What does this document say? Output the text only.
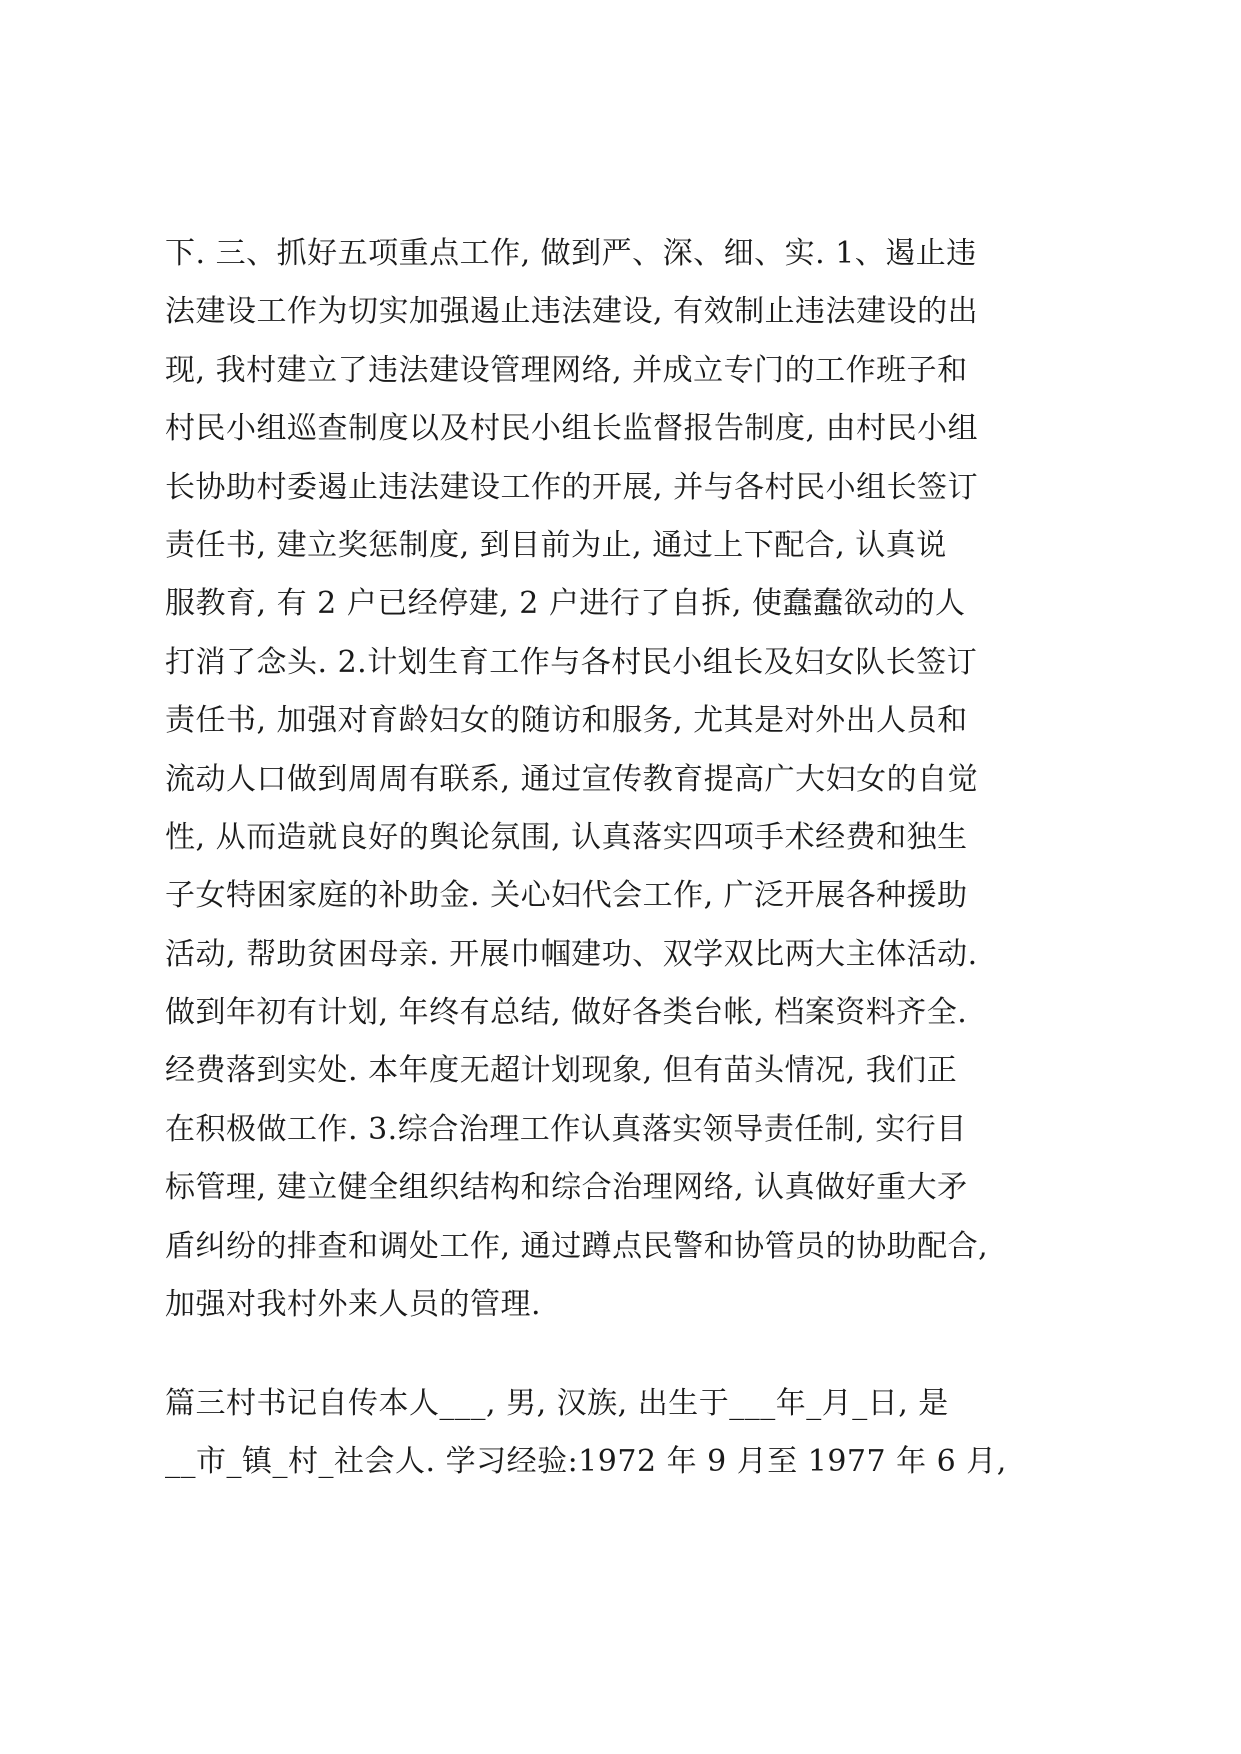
下. 三、抓好五项重点工作, 做到严、深、细、实. 1、遏止违
法建设工作为切实加强遏止违法建设, 有效制止违法建设的出
现, 我村建立了违法建设管理网络, 并成立专门的工作班子和
村民小组巡查制度以及村民小组长监督报告制度, 由村民小组
长协助村委遏止违法建设工作的开展, 并与各村民小组长签订
责任书, 建立奖惩制度, 到目前为止, 通过上下配合, 认真说
服教育, 有 2 户已经停建, 2 户进行了自拆, 使蠢蠢欲动的人
打消了念头. 2.计划生育工作与各村民小组长及妇女队长签订
责任书, 加强对育龄妇女的随访和服务, 尤其是对外出人员和
流动人口做到周周有联系, 通过宣传教育提高广大妇女的自觉
性, 从而造就良好的舆论氛围, 认真落实四项手术经费和独生
子女特困家庭的补助金. 关心妇代会工作, 广泛开展各种援助
活动, 帮助贫困母亲. 开展巾帼建功、双学双比两大主体活动.
做到年初有计划, 年终有总结, 做好各类台帐, 档案资料齐全.
经费落到实处. 本年度无超计划现象, 但有苗头情况, 我们正
在积极做工作. 3.综合治理工作认真落实领导责任制, 实行目
标管理, 建立健全组织结构和综合治理网络, 认真做好重大矛
盾纠纷的排查和调处工作, 通过蹲点民警和协管员的协助配合,
加强对我村外来人员的管理.
篇三村书记自传本人___, 男, 汉族, 出生于___年_月_日, 是
__市_镇_村_社会人. 学习经验:1972 年 9 月至 1977 年 6 月,
